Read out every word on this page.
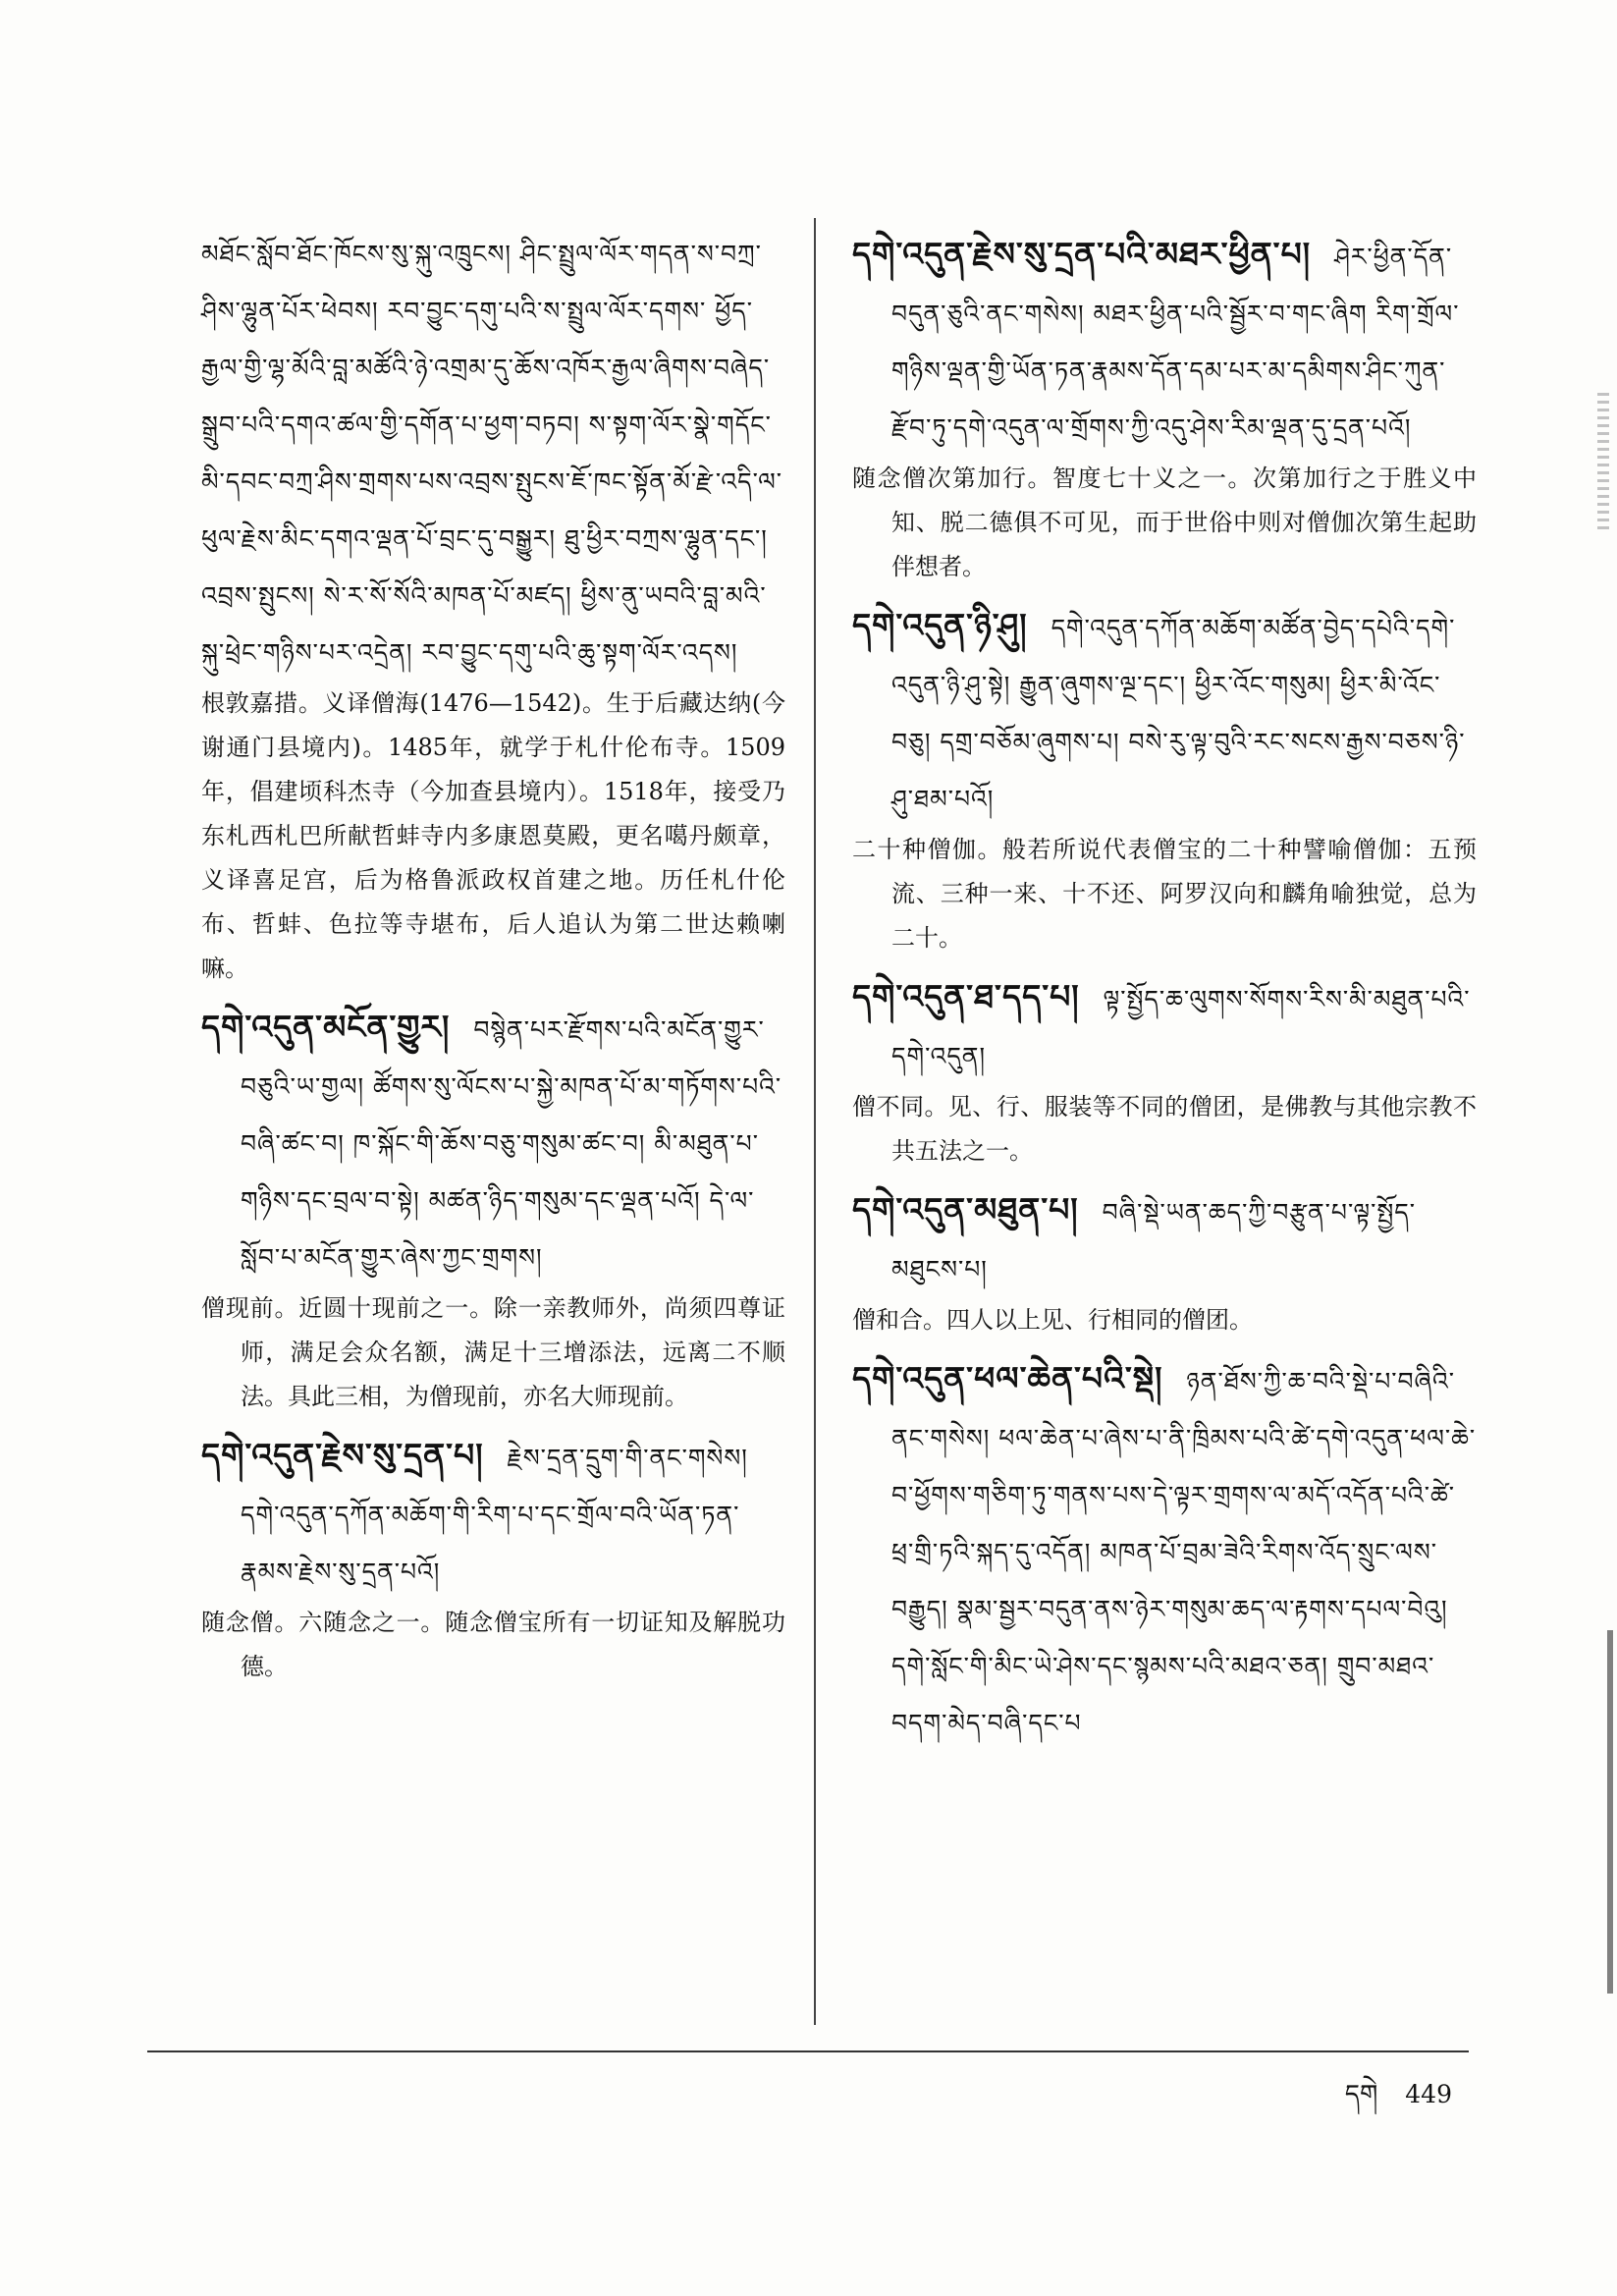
མཐོང་སློབ་ཐོང་ཁོངས་སུ་སྐུ་འཁྲུངས། ཤིང་སྤྲུལ་ལོར་གདན་ས་བཀྲ་ཤིས་ལྷུན་པོར་ཕེབས། རབ་བྱུང་དགུ་པའི་ས་སྤྲུལ་ལོར་དགས་ ཕྱོད་རྒྱལ་གྱི་ལྷ་མོའི་བླ་མཚོའི་ཉེ་འགྲམ་དུ་ཆོས་འཁོར་རྒྱལ་ཞིགས་བཞེད་སྒྲུབ་པའི་དགའ་ཚལ་གྱི་དགོན་པ་ཕྱག་བཏབ། ས་སྟག་ལོར་སྣེ་གདོང་མི་དབང་བཀྲ་ཤིས་གྲགས་པས་འབྲས་སྤུངས་ཇོ་ཁང་སྟོན་མོ་རྫེ་འདི་ལ་ཕུལ་རྗེས་མིང་དགའ་ལྡན་པོ་བྲང་དུ་བསྒྱུར། ཐུ་ཕྱིར་བཀྲས་ལྷུན་དང་། འབྲས་སྤུངས། སེ་ར་སོ་སོའི་མཁན་པོ་མཛད། ཕྱིས་ནུ་ཡབའི་བླ་མའི་སྐུ་ཕྲེང་གཉིས་པར་འདྲེན། རབ་བྱུང་དགུ་པའི་ཆུ་སྟག་ལོར་འདས།
根敦嘉措。义译僧海(1476—1542)。生于后藏达纳(今谢通门县境内)。1485年，就学于札什伦布寺。1509年，倡建顷科杰寺（今加查县境内）。1518年，接受乃东札西札巴所献哲蚌寺内多康恩莫殿，更名噶丹颇章，义译喜足宫，后为格鲁派政权首建之地。历任札什伦布、哲蚌、色拉等寺堪布，后人追认为第二世达赖喇嘛。
དགེ་འདུན་མངོན་གྱུར། བསྙེན་པར་རྫོགས་པའི་མངོན་གྱུར་བཅུའི་ཡ་གྱལ། ཚོགས་སུ་ལོངས་པ་སྐྱེ་མཁན་པོ་མ་གཏོགས་པའི་བཞི་ཚང་བ། ཁ་སྐོང་གི་ཆོས་བཅུ་གསུམ་ཚང་བ། མི་མཐུན་པ་གཉིས་དང་བྲལ་བ་སྟེ། མཚན་ཉིད་གསུམ་དང་ལྡན་པའོ། དེ་ལ་སློབ་པ་མངོན་གྱུར་ཞེས་ཀྱང་གྲགས།
僧现前。近圆十现前之一。除一亲教师外，尚须四尊证师，满足会众名额，满足十三增添法，远离二不顺法。具此三相，为僧现前，亦名大师现前。
དགེ་འདུན་རྗེས་སུ་དྲན་པ། རྗེས་དྲན་དྲུག་གི་ནང་གསེས། དགེ་འདུན་དཀོན་མཆོག་གི་རིག་པ་དང་གྲོལ་བའི་ཡོན་ཏན་རྣམས་རྗེས་སུ་དྲན་པའོ།
随念僧。六随念之一。随念僧宝所有一切证知及解脱功德。
དགེ་འདུན་རྗེས་སུ་དྲན་པའི་མཐར་ཕྱིན་པ། ཤེར་ཕྱིན་དོན་བདུན་ཅུའི་ནང་གསེས། མཐར་ཕྱིན་པའི་སྦྱོར་བ་གང་ཞིག རིག་གྲོལ་གཉིས་ལྡན་གྱི་ཡོན་ཏན་རྣམས་དོན་དམ་པར་མ་དམིགས་ཤིང་ཀུན་རྫོབ་ཏུ་དགེ་འདུན་ལ་གྲོགས་ཀྱི་འདུ་ཤེས་རིམ་ལྡན་དུ་དྲན་པའོ།
随念僧次第加行。智度七十义之一。次第加行之于胜义中知、脱二德俱不可见，而于世俗中则对僧伽次第生起助伴想者。
དགེ་འདུན་ཉི་ཤུ། དགེ་འདུན་དཀོན་མཆོག་མཚོན་བྱེད་དཔེའི་དགེ་འདུན་ཉི་ཤུ་སྟེ། རྒྱུན་ཞུགས་ལྔ་དང་། ཕྱིར་འོང་གསུམ། ཕྱིར་མི་འོང་བཅུ། དགྲ་བཅོམ་ཞུགས་པ། བསེ་རུ་ལྟ་བུའི་རང་སངས་རྒྱས་བཅས་ཉི་ཤུ་ཐམ་པའོ།
二十种僧伽。般若所说代表僧宝的二十种譬喻僧伽：五预流、三种一来、十不还、阿罗汉向和麟角喻独觉，总为二十。
དགེ་འདུན་ཐ་དད་པ། ལྟ་སྤྱོད་ཆ་ལུགས་སོགས་རིས་མི་མཐུན་པའི་དགེ་འདུན།
僧不同。见、行、服装等不同的僧团，是佛教与其他宗教不共五法之一。
དགེ་འདུན་མཐུན་པ། བཞི་སྡེ་ཡན་ཆད་ཀྱི་བརྩུན་པ་ལྟ་སྤྱོད་མཐུངས་པ།
僧和合。四人以上见、行相同的僧团。
དགེ་འདུན་ཕལ་ཆེན་པའི་སྡེ། ཉན་ཐོས་ཀྱི་ཆ་བའི་སྡེ་པ་བཞིའི་ནང་གསེས། ཕལ་ཆེན་པ་ཞེས་པ་ནི་ཁྲིམས་པའི་ཚེ་དགེ་འདུན་ཕལ་ཆེ་བ་ཕྱོགས་གཅིག་ཏུ་གནས་པས་དེ་ལྟར་གྲགས་ལ་མདོ་འདོན་པའི་ཚེ་ཕྲ་གྲི་ཏའི་སྐད་དུ་འདོན། མཁན་པོ་བྲམ་ཟེའི་རིགས་འོད་སྲུང་ལས་བརྒྱུད། སྣམ་སྦྱར་བདུན་ནས་ཉེར་གསུམ་ཆད་ལ་རྟགས་དཔལ་བེའུ། དགེ་སློང་གི་མིང་ཡེ་ཤེས་དང་སྙམས་པའི་མཐའ་ཅན། གྲུབ་མཐའ་བདག་མེད་བཞི་དང་པ
དགེ 449
